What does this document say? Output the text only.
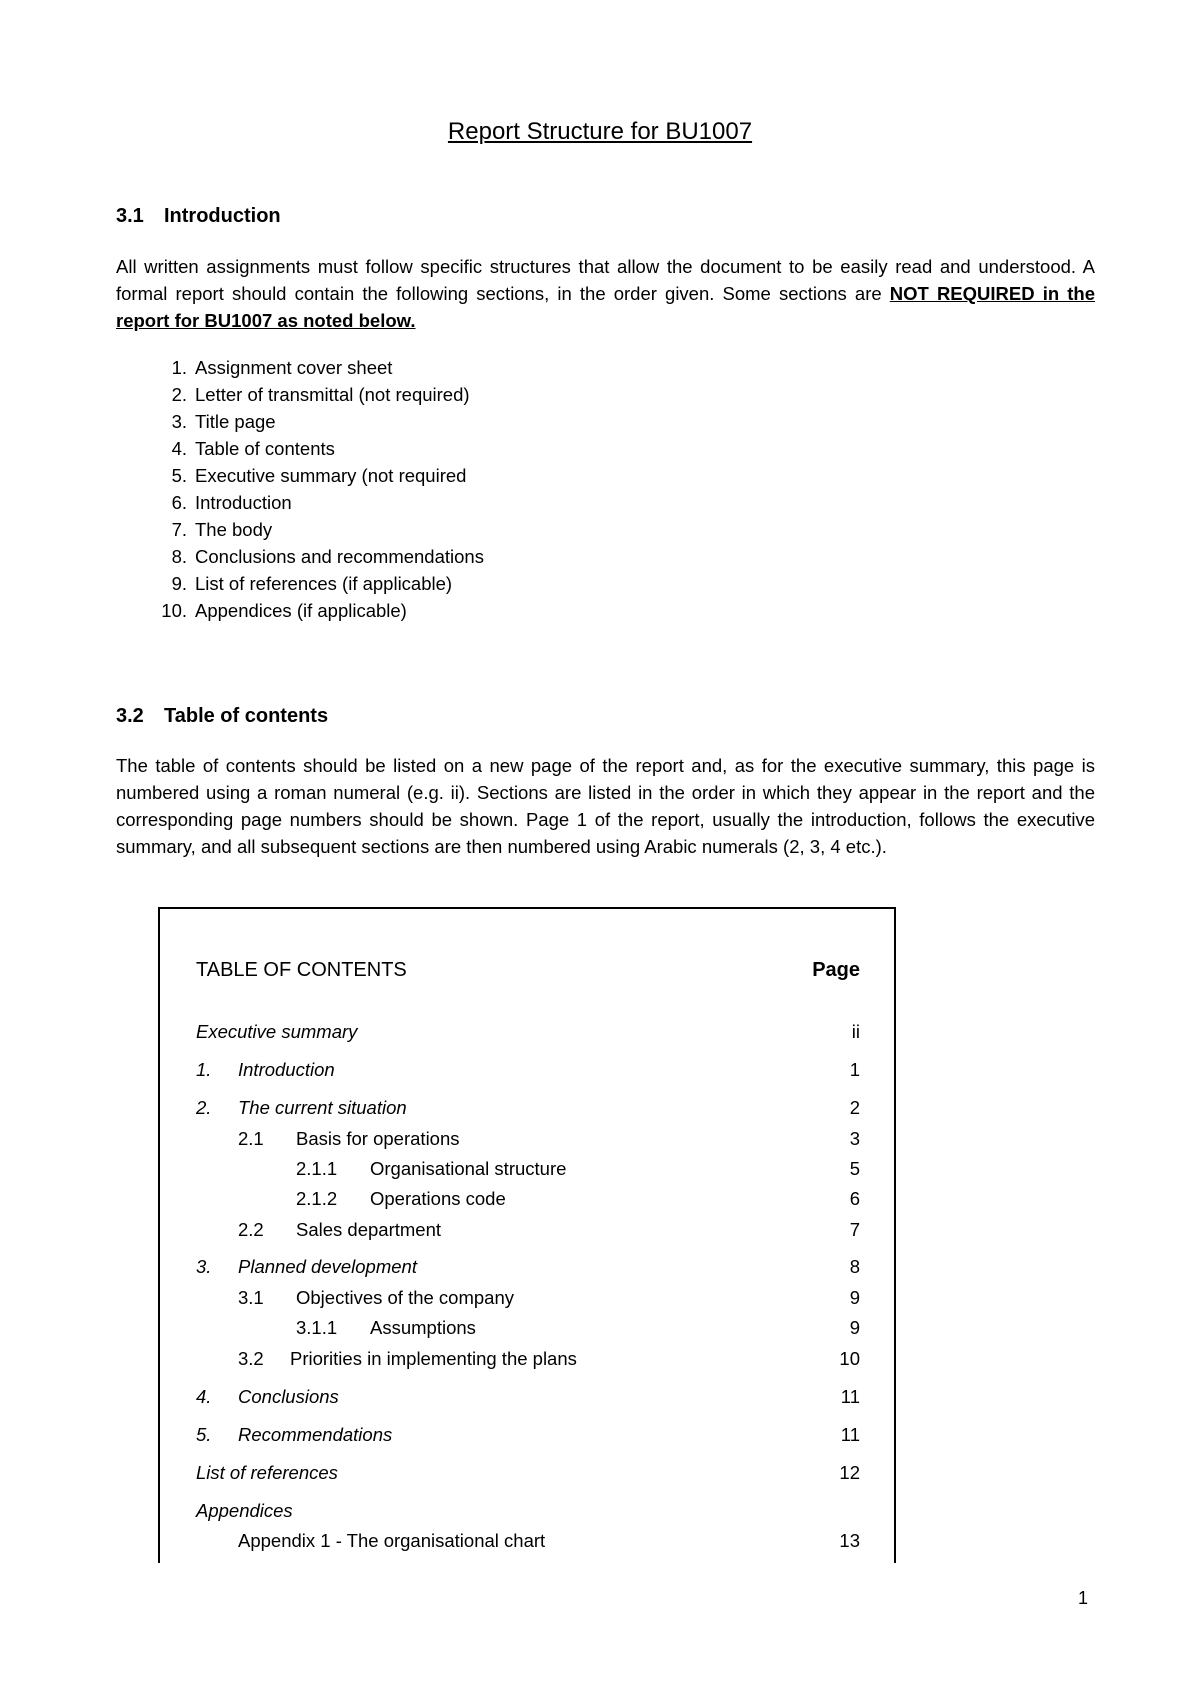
Report Structure for BU1007
3.1 Introduction
All written assignments must follow specific structures that allow the document to be easily read and understood. A formal report should contain the following sections, in the order given. Some sections are NOT REQUIRED in the report for BU1007 as noted below.
1. Assignment cover sheet
2. Letter of transmittal (not required)
3. Title page
4. Table of contents
5. Executive summary (not required
6. Introduction
7. The body
8. Conclusions and recommendations
9. List of references (if applicable)
10. Appendices (if applicable)
3.2 Table of contents
The table of contents should be listed on a new page of the report and, as for the executive summary, this page is numbered using a roman numeral (e.g. ii). Sections are listed in the order in which they appear in the report and the corresponding page numbers should be shown. Page 1 of the report, usually the introduction, follows the executive summary, and all subsequent sections are then numbered using Arabic numerals (2, 3, 4 etc.).
TABLE OF CONTENTS	Page
Executive summary	ii
1. Introduction	1
2. The current situation	2
2.1 Basis for operations	3
2.1.1 Organisational structure	5
2.1.2 Operations code	6
2.2 Sales department	7
3. Planned development	8
3.1 Objectives of the company	9
3.1.1 Assumptions	9
3.2 Priorities in implementing the plans	10
4. Conclusions	11
5. Recommendations	11
List of references	12
Appendices
Appendix 1 - The organisational chart	13
1
